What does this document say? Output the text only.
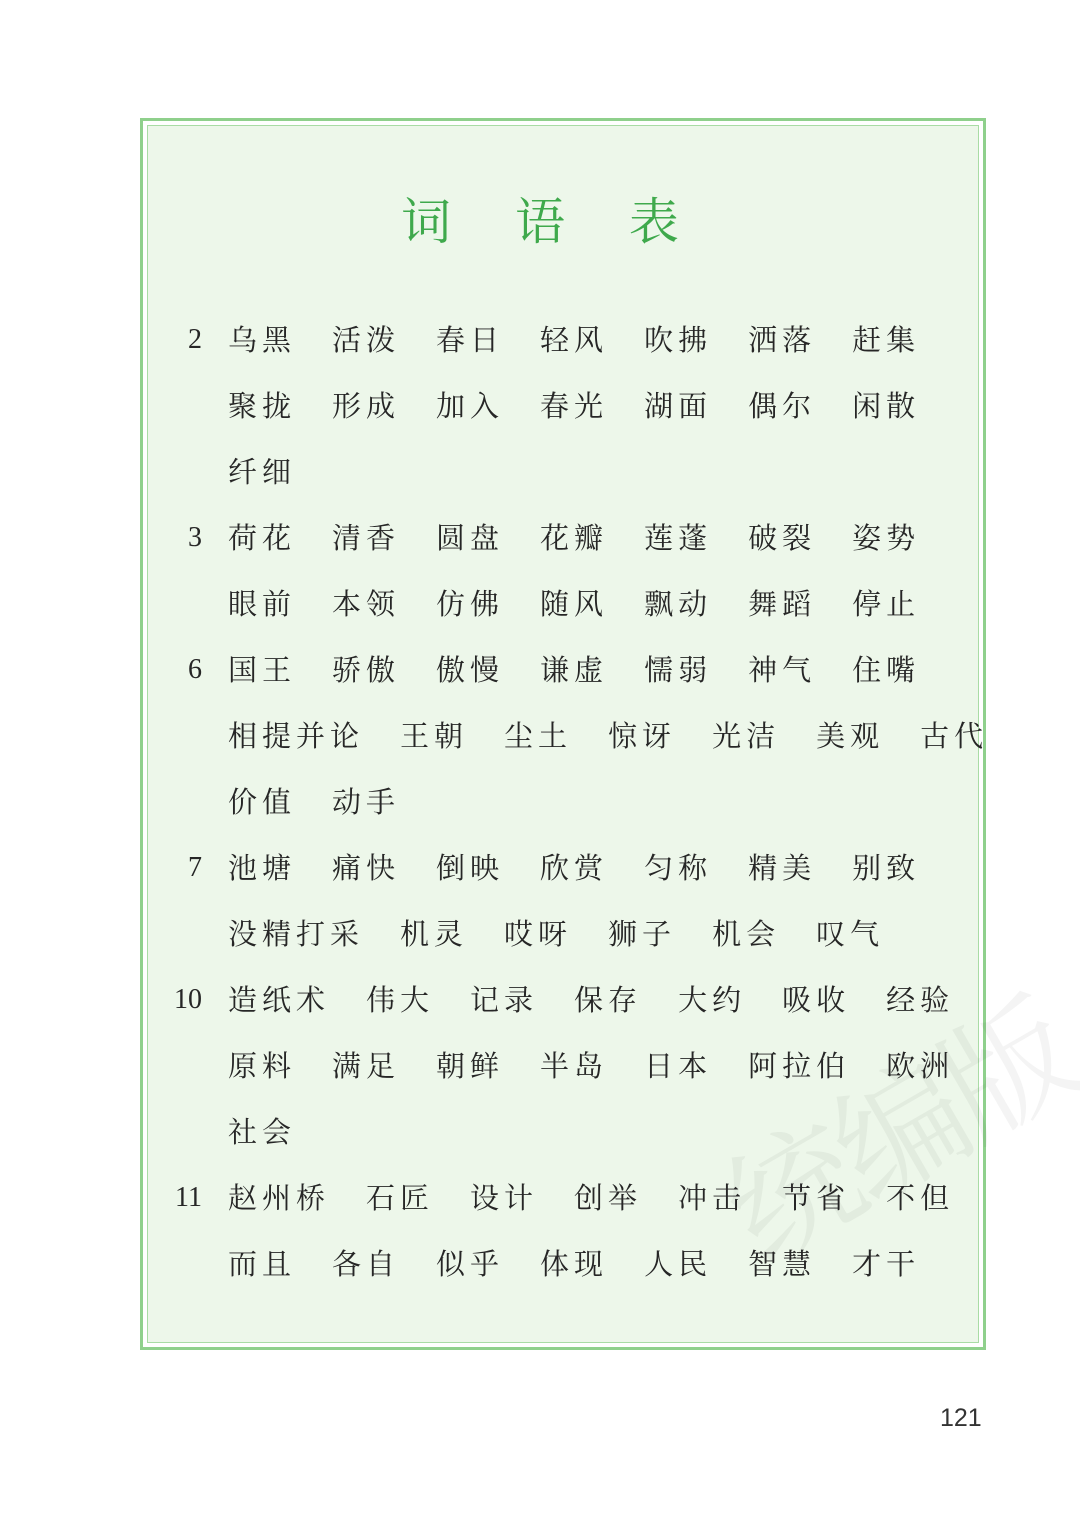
词 语 表
2 乌黑 活泼 春日 轻风 吹拂 洒落 赶集
聚拢 形成 加入 春光 湖面 偶尔 闲散
纤细
3 荷花 清香 圆盘 花瓣 莲蓬 破裂 姿势
眼前 本领 仿佛 随风 飘动 舞蹈 停止
6 国王 骄傲 傲慢 谦虚 懦弱 神气 住嘴
相提并论 王朝 尘土 惊讶 光洁 美观 古代
价值 动手
7 池塘 痛快 倒映 欣赏 匀称 精美 别致
没精打采 机灵 哎呀 狮子 机会 叹气
10 造纸术 伟大 记录 保存 大约 吸收 经验
原料 满足 朝鲜 半岛 日本 阿拉伯 欧洲
社会
11 赵州桥 石匠 设计 创举 冲击 节省 不但
而且 各自 似乎 体现 人民 智慧 才干
121
